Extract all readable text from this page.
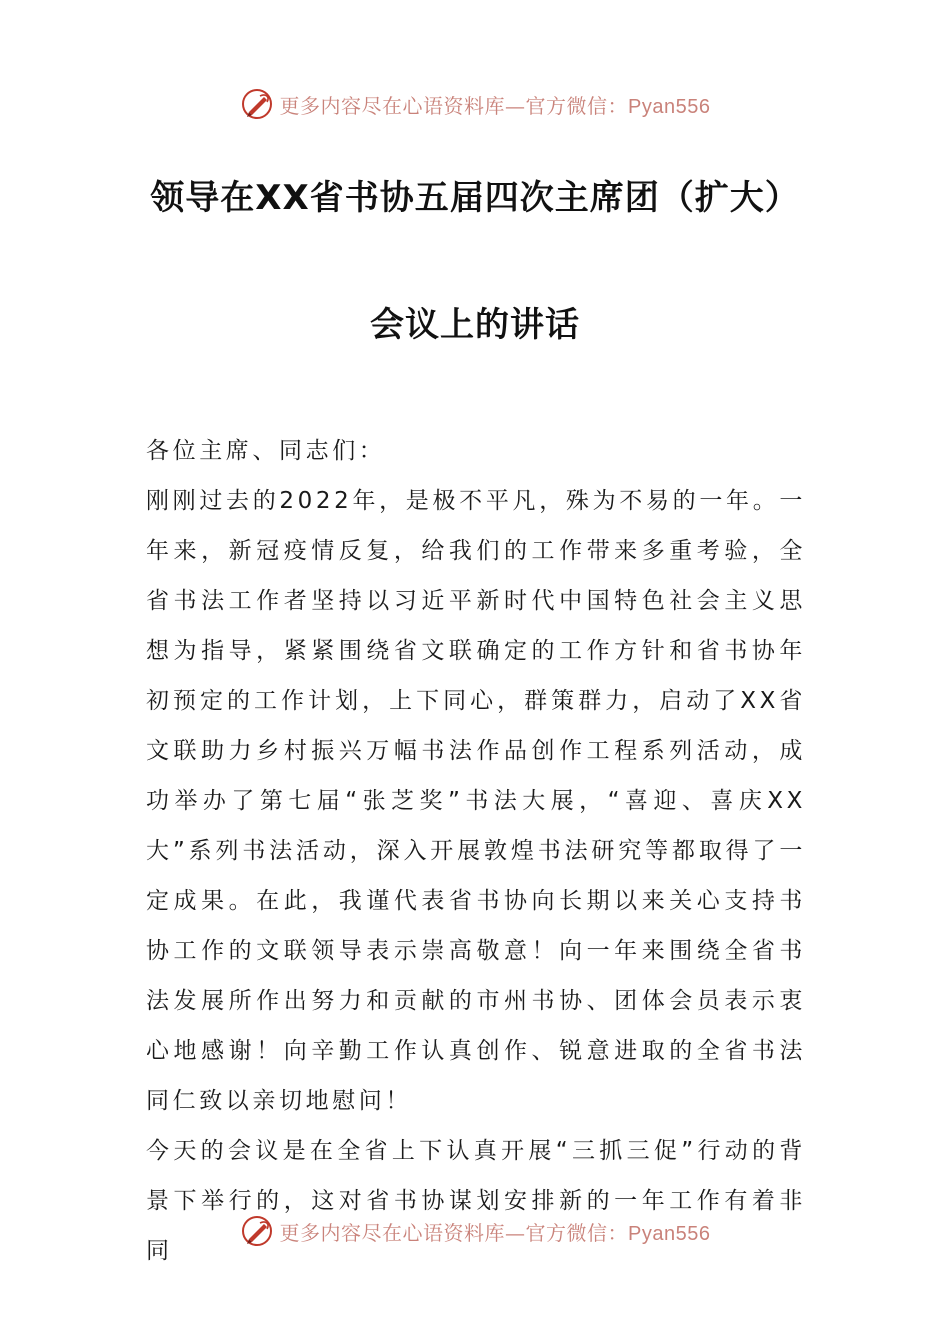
更多内容尽在心语资料库—官方微信：Pyan556
领导在XX省书协五届四次主席团（扩大）
会议上的讲话

各位主席、同志们：

刚刚过去的2022年，是极不平凡，殊为不易的一年。一年来，新冠疫情反复，给我们的工作带来多重考验，全省书法工作者坚持以习近平新时代中国特色社会主义思想为指导，紧紧围绕省文联确定的工作方针和省书协年初预定的工作计划，上下同心，群策群力，启动了XX省文联助力乡村振兴万幅书法作品创作工程系列活动，成功举办了第七届“张芝奖”书法大展，“喜迎、喜庆XX大”系列书法活动，深入开展敦煌书法研究等都取得了一定成果。在此，我谨代表省书协向长期以来关心支持书协工作的文联领导表示崇高敬意！向一年来围绕全省书法发展所作出努力和贡献的市州书协、团体会员表示衷心地感谢！向辛勤工作认真创作、锐意进取的全省书法同仁致以亲切地慰问！

今天的会议是在全省上下认真开展“三抓三促”行动的背景下举行的，这对省书协谋划安排新的一年工作有着非同

更多内容尽在心语资料库—官方微信：Pyan556
